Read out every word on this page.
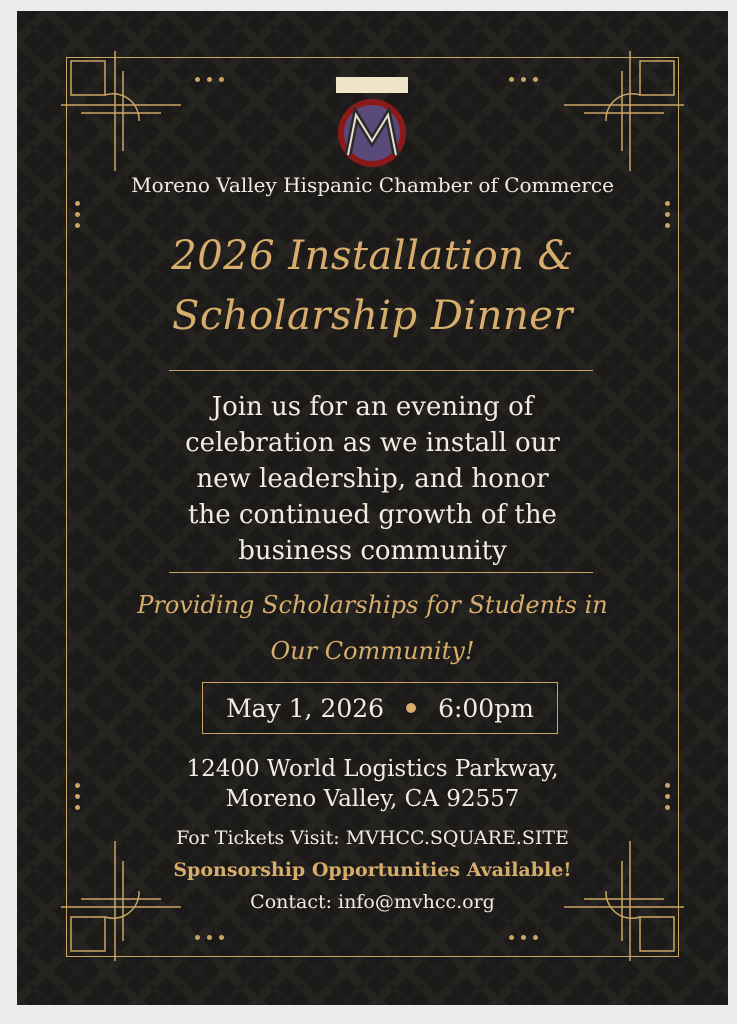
Moreno Valley Hispanic Chamber of Commerce
2026 Installation &
Scholarship Dinner
Join us for an evening of
celebration as we install our
new leadership, and honor
the continued growth of the
business community
Providing Scholarships for Students in
Our Community!
May 1, 2026 6:00pm
12400 World Logistics Parkway,
Moreno Valley, CA 92557
For Tickets Visit: MVHCC.SQUARE.SITE
Sponsorship Opportunities Available!
Contact: info@mvhcc.org
